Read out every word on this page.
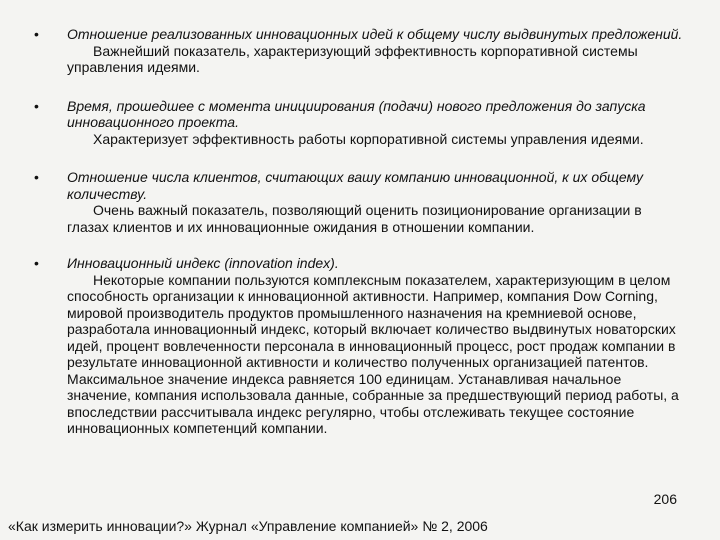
•	Отношение реализованных инновационных идей к общему числу выдвинутых предложений.
Важнейший показатель, характеризующий эффективность корпоративной системы управления идеями.
•	Время, прошедшее с момента инициирования (подачи) нового предложения до запуска инновационного проекта.
Характеризует эффективность работы корпоративной системы управления идеями.
•	Отношение числа клиентов, считающих вашу компанию инновационной, к их общему количеству.
Очень важный показатель, позволяющий оценить позиционирование организации в глазах клиентов и их инновационные ожидания в отношении компании.
•	Инновационный индекс (innovation index).
Некоторые компании пользуются комплексным показателем, характеризующим в целом способность организации к инновационной активности. Например, компания Dow Corning, мировой производитель продуктов промышленного назначения на кремниевой основе, разработала инновационный индекс, который включает количество выдвинутых новаторских идей, процент вовлеченности персонала в инновационный процесс, рост продаж компании в результате инновационной активности и количество полученных организацией патентов. Максимальное значение индекса равняется 100 единицам. Устанавливая начальное значение, компания использовала данные, собранные за предшествующий период работы, а впоследствии рассчитывала индекс регулярно, чтобы отслеживать текущее состояние инновационных компетенций компании.
206
«Как измерить инновации?» Журнал «Управление компанией» № 2, 2006
